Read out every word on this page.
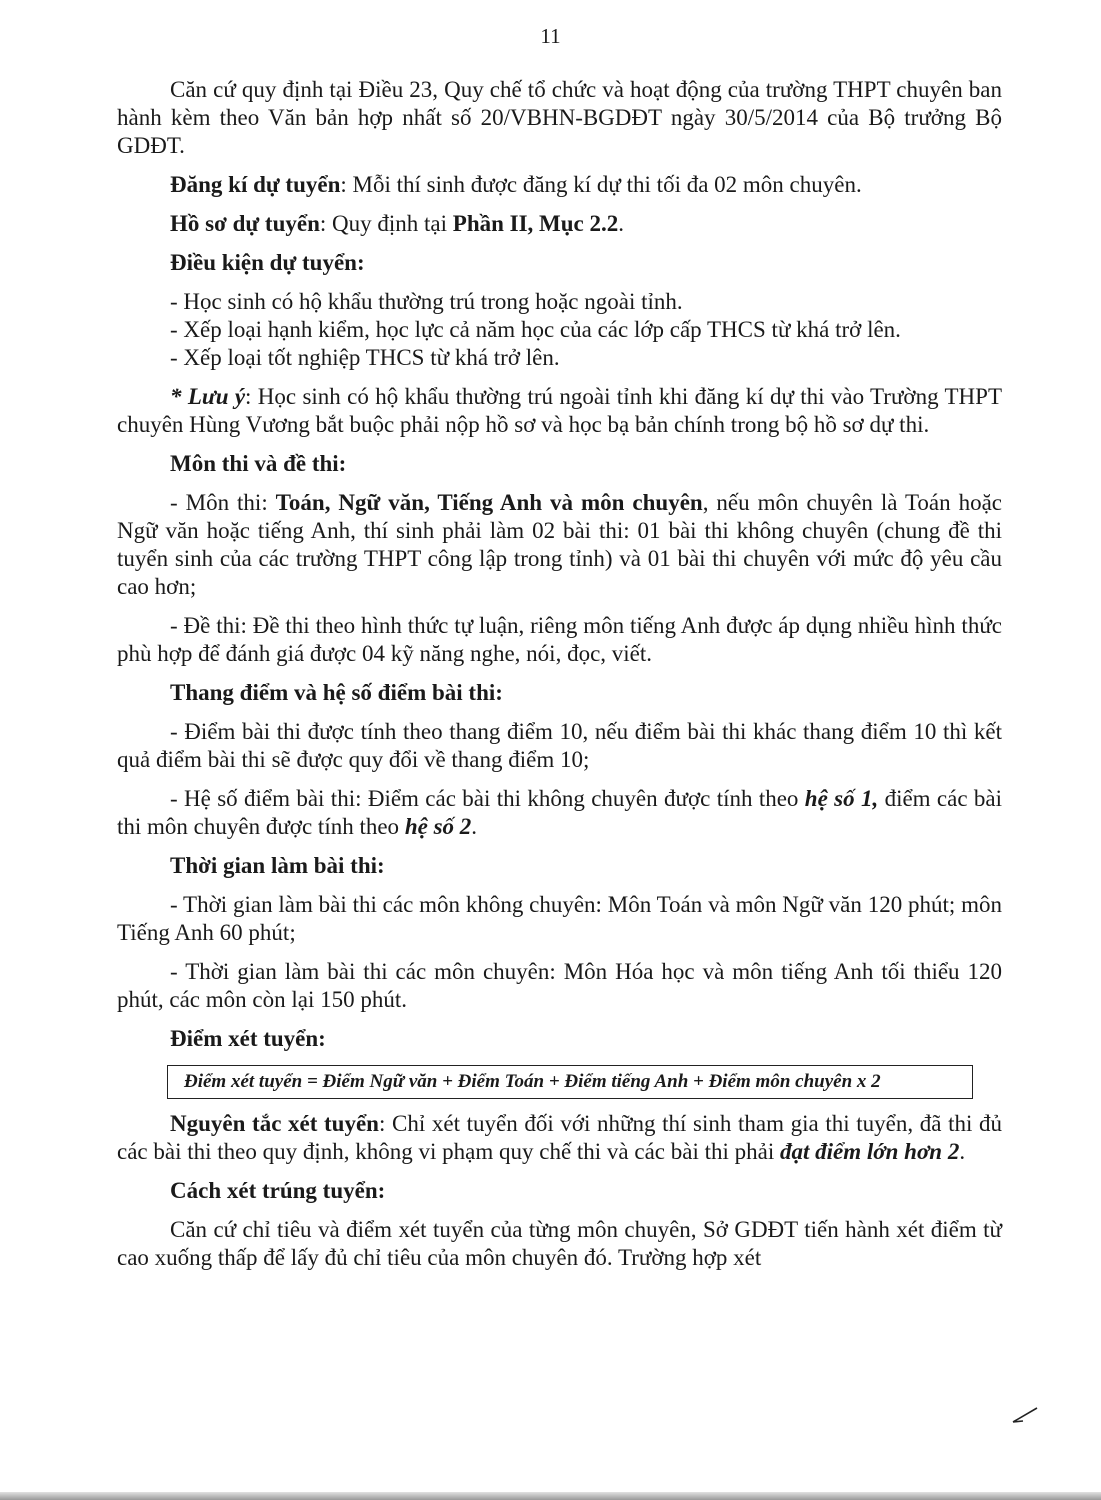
11

Căn cứ quy định tại Điều 23, Quy chế tổ chức và hoạt động của trường THPT chuyên ban hành kèm theo Văn bản hợp nhất số 20/VBHN-BGDĐT ngày 30/5/2014 của Bộ trưởng Bộ GDĐT.

Đăng kí dự tuyển: Mỗi thí sinh được đăng kí dự thi tối đa 02 môn chuyên.

Hồ sơ dự tuyển: Quy định tại Phần II, Mục 2.2.

Điều kiện dự tuyển:

- Học sinh có hộ khẩu thường trú trong hoặc ngoài tỉnh.

- Xếp loại hạnh kiểm, học lực cả năm học của các lớp cấp THCS từ khá trở lên.

- Xếp loại tốt nghiệp THCS từ khá trở lên.

* Lưu ý: Học sinh có hộ khẩu thường trú ngoài tỉnh khi đăng kí dự thi vào Trường THPT chuyên Hùng Vương bắt buộc phải nộp hồ sơ và học bạ bản chính trong bộ hồ sơ dự thi.

Môn thi và đề thi:

- Môn thi: Toán, Ngữ văn, Tiếng Anh và môn chuyên, nếu môn chuyên là Toán hoặc Ngữ văn hoặc tiếng Anh, thí sinh phải làm 02 bài thi: 01 bài thi không chuyên (chung đề thi tuyển sinh của các trường THPT công lập trong tỉnh) và 01 bài thi chuyên với mức độ yêu cầu cao hơn;

- Đề thi: Đề thi theo hình thức tự luận, riêng môn tiếng Anh được áp dụng nhiều hình thức phù hợp để đánh giá được 04 kỹ năng nghe, nói, đọc, viết.

Thang điểm và hệ số điểm bài thi:

- Điểm bài thi được tính theo thang điểm 10, nếu điểm bài thi khác thang điểm 10 thì kết quả điểm bài thi sẽ được quy đổi về thang điểm 10;

- Hệ số điểm bài thi: Điểm các bài thi không chuyên được tính theo hệ số 1, điểm các bài thi môn chuyên được tính theo hệ số 2.

Thời gian làm bài thi:

- Thời gian làm bài thi các môn không chuyên: Môn Toán và môn Ngữ văn 120 phút; môn Tiếng Anh 60 phút;

- Thời gian làm bài thi các môn chuyên: Môn Hóa học và môn tiếng Anh tối thiểu 120 phút, các môn còn lại 150 phút.

Điểm xét tuyển:

Điểm xét tuyển = Điểm Ngữ văn + Điểm Toán + Điểm tiếng Anh + Điểm môn chuyên x 2

Nguyên tắc xét tuyển: Chỉ xét tuyển đối với những thí sinh tham gia thi tuyển, đã thi đủ các bài thi theo quy định, không vi phạm quy chế thi và các bài thi phải đạt điểm lớn hơn 2.

Cách xét trúng tuyển:

Căn cứ chỉ tiêu và điểm xét tuyển của từng môn chuyên, Sở GDĐT tiến hành xét điểm từ cao xuống thấp để lấy đủ chỉ tiêu của môn chuyên đó. Trường hợp xét
